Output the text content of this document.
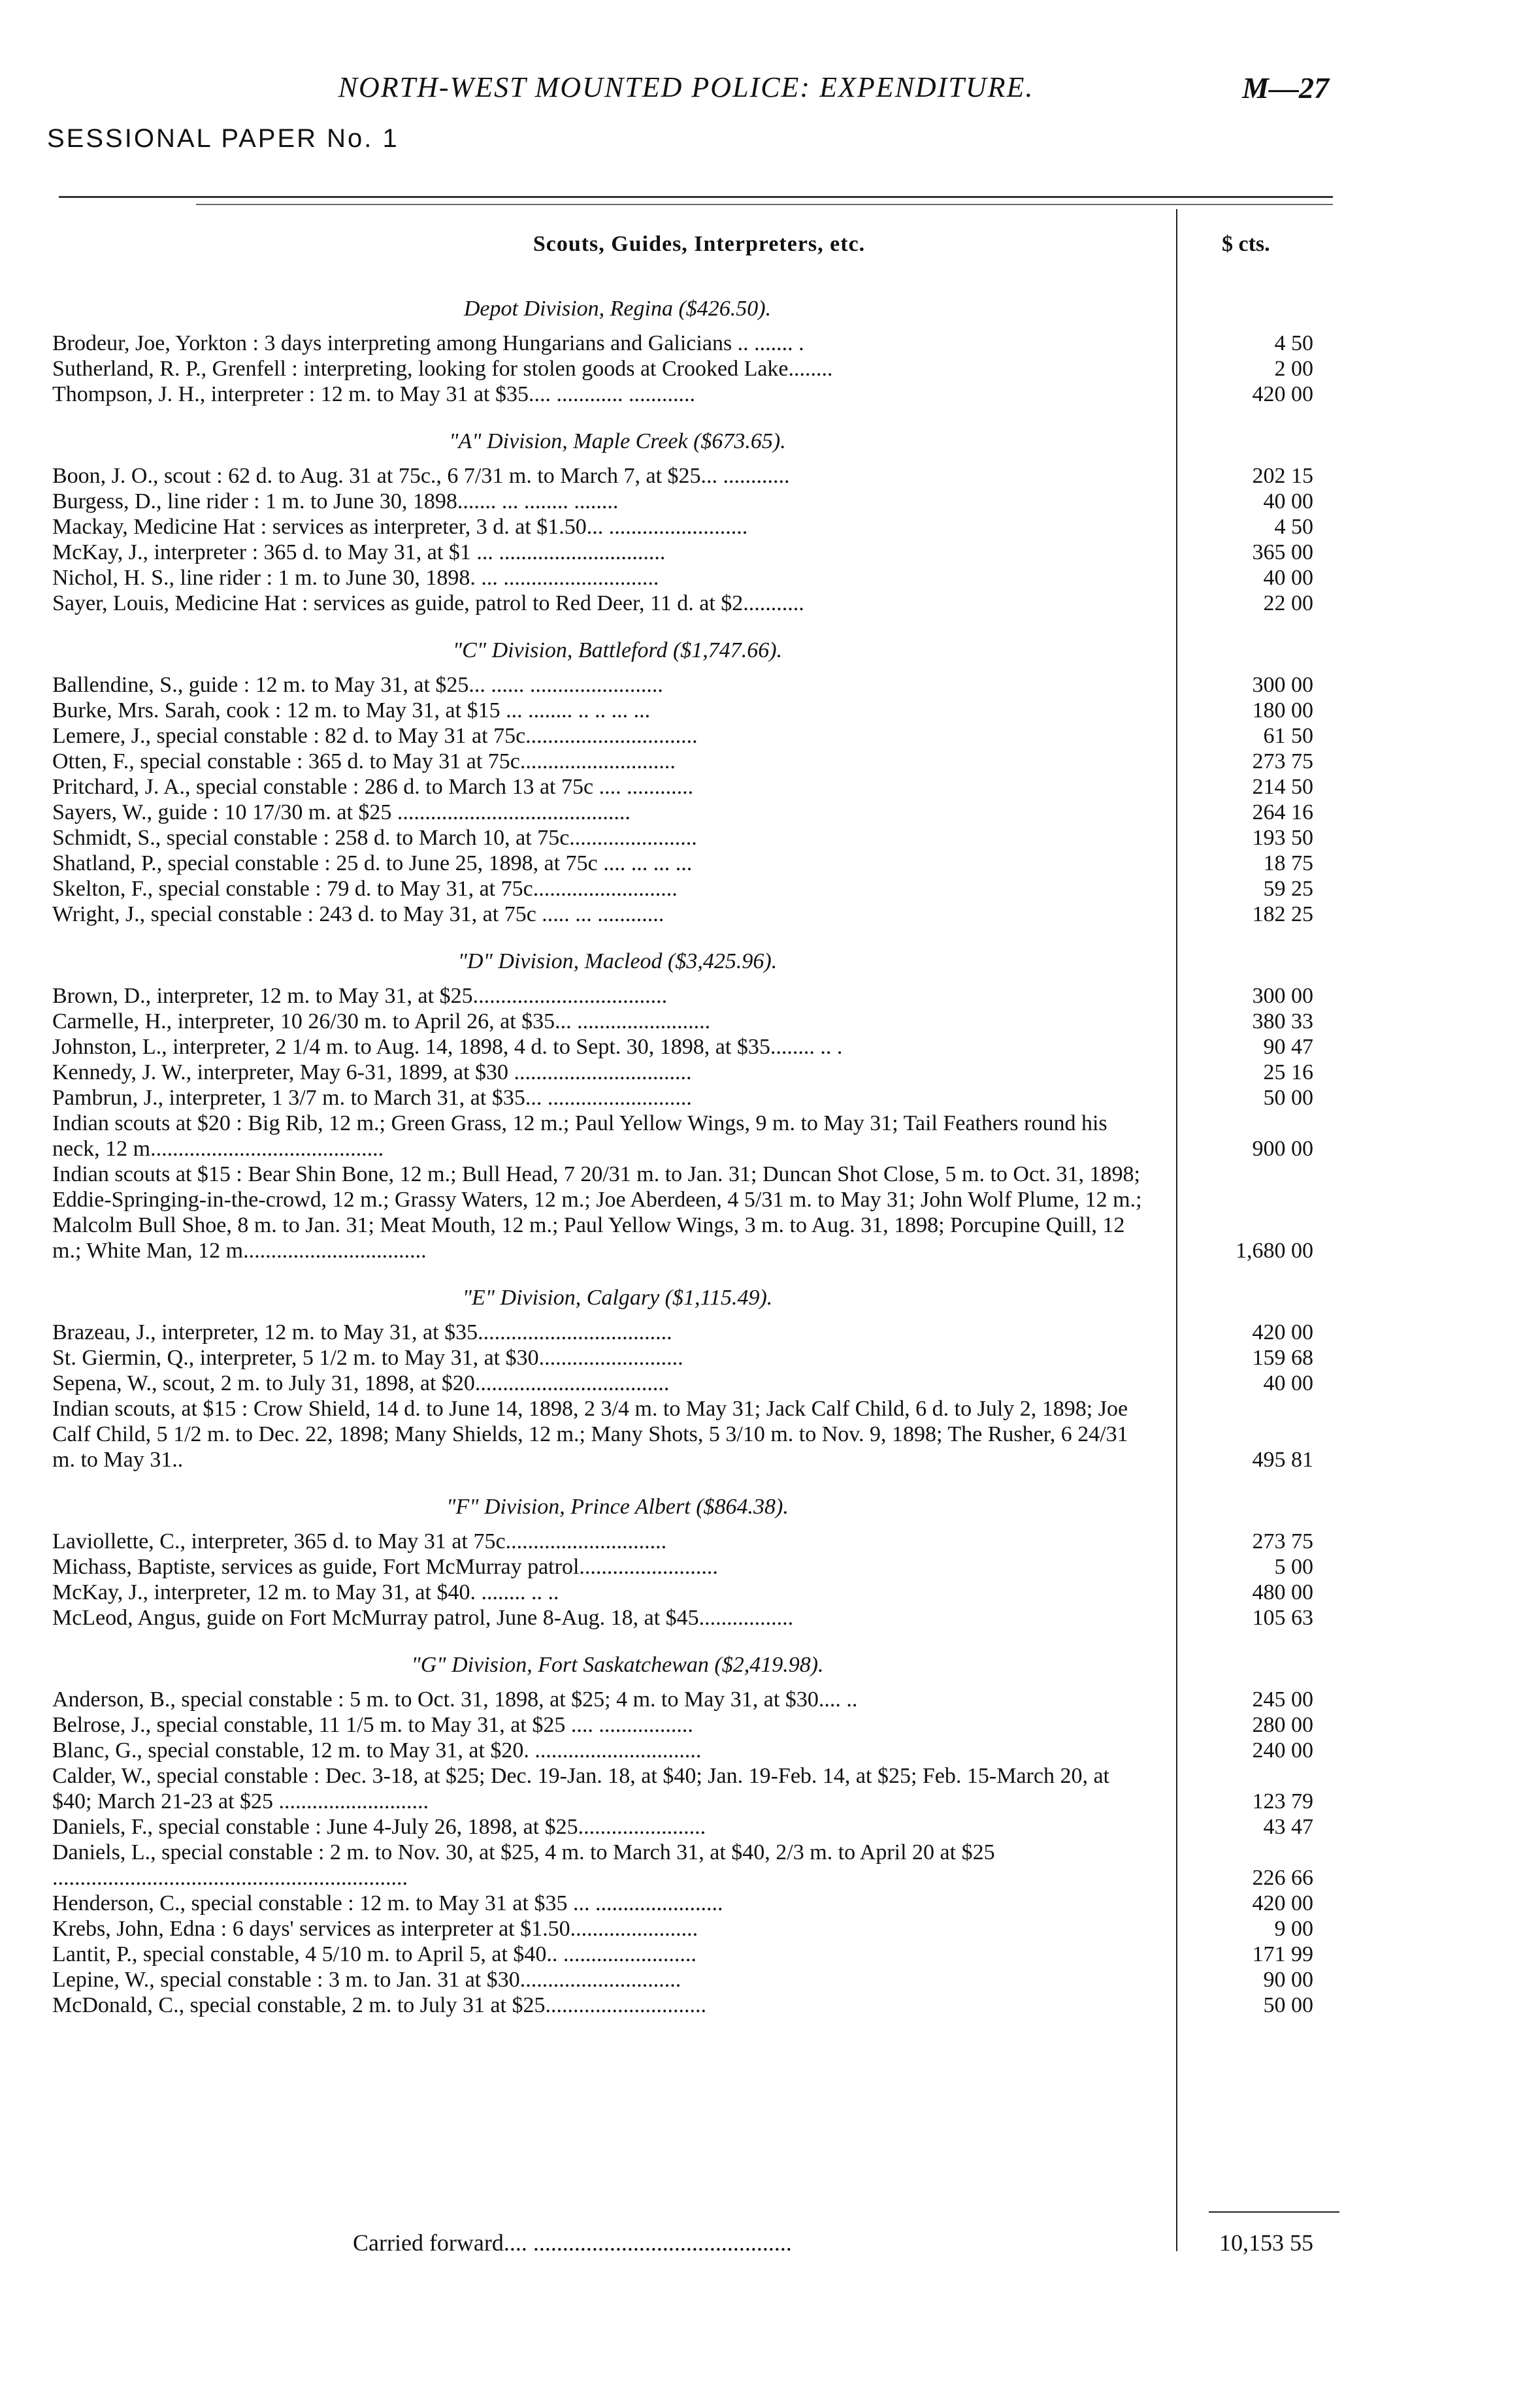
NORTH-WEST MOUNTED POLICE: EXPENDITURE.	M—27
SESSIONAL PAPER No. 1
Scouts, Guides, Interpreters, etc.	$ cts.
Depot Division, Regina ($426.50).
Brodeur, Joe, Yorkton : 3 days interpreting among Hungarians and Galicians .. ....... .	4 50
Sutherland, R. P., Grenfell : interpreting, looking for stolen goods at Crooked Lake........	2 00
Thompson, J. H., interpreter : 12 m. to May 31 at $35.... ............ ............	420 00
"A" Division, Maple Creek ($673.65).
Boon, J. O., scout : 62 d. to Aug. 31 at 75c., 6 7/31 m. to March 7, at $25... ............	202 15
Burgess, D., line rider : 1 m. to June 30, 1898....... ... ........ ........	40 00
Mackay, Medicine Hat : services as interpreter, 3 d. at $1.50... .........................	4 50
McKay, J., interpreter : 365 d. to May 31, at $1 ... ..............................	365 00
Nichol, H. S., line rider : 1 m. to June 30, 1898. ... ............................	40 00
Sayer, Louis, Medicine Hat : services as guide, patrol to Red Deer, 11 d. at $2...........	22 00
"C" Division, Battleford ($1,747.66).
Ballendine, S., guide : 12 m. to May 31, at $25... ...... ........................	300 00
Burke, Mrs. Sarah, cook : 12 m. to May 31, at $15 ... ........ .. .. ... ...	180 00
Lemere, J., special constable : 82 d. to May 31 at 75c...............................	61 50
Otten, F., special constable : 365 d. to May 31 at 75c............................	273 75
Pritchard, J. A., special constable : 286 d. to March 13 at 75c .... ............	214 50
Sayers, W., guide : 10 17/30 m. at $25 ..........................................	264 16
Schmidt, S., special constable : 258 d. to March 10, at 75c.......................	193 50
Shatland, P., special constable : 25 d. to June 25, 1898, at 75c .... ... ... ...	18 75
Skelton, F., special constable : 79 d. to May 31, at 75c..........................	59 25
Wright, J., special constable : 243 d. to May 31, at 75c ..... ... ............	182 25
"D" Division, Macleod ($3,425.96).
Brown, D., interpreter, 12 m. to May 31, at $25...................................	300 00
Carmelle, H., interpreter, 10 26/30 m. to April 26, at $35... ........................	380 33
Johnston, L., interpreter, 2 1/4 m. to Aug. 14, 1898, 4 d. to Sept. 30, 1898, at $35........ .. .	90 47
Kennedy, J. W., interpreter, May 6-31, 1899, at $30 ................................	25 16
Pambrun, J., interpreter, 1 3/7 m. to March 31, at $35... ..........................	50 00
Indian scouts at $20 : Big Rib, 12 m.; Green Grass, 12 m.; Paul Yellow Wings, 9 m. to May 31; Tail Feathers round his neck, 12 m..........................................	900 00
Indian scouts at $15 : Bear Shin Bone, 12 m.; Bull Head, 7 20/31 m. to Jan. 31; Duncan Shot Close, 5 m. to Oct. 31, 1898; Eddie-Springing-in-the-crowd, 12 m.; Grassy Waters, 12 m.; Joe Aberdeen, 4 5/31 m. to May 31; John Wolf Plume, 12 m.; Malcolm Bull Shoe, 8 m. to Jan. 31; Meat Mouth, 12 m.; Paul Yellow Wings, 3 m. to Aug. 31, 1898; Porcupine Quill, 12 m.; White Man, 12 m.................................	1,680 00
"E" Division, Calgary ($1,115.49).
Brazeau, J., interpreter, 12 m. to May 31, at $35...................................	420 00
St. Giermin, Q., interpreter, 5 1/2 m. to May 31, at $30..........................	159 68
Sepena, W., scout, 2 m. to July 31, 1898, at $20...................................	40 00
Indian scouts, at $15 : Crow Shield, 14 d. to June 14, 1898, 2 3/4 m. to May 31; Jack Calf Child, 6 d. to July 2, 1898; Joe Calf Child, 5 1/2 m. to Dec. 22, 1898; Many Shields, 12 m.; Many Shots, 5 3/10 m. to Nov. 9, 1898; The Rusher, 6 24/31 m. to May 31..	495 81
"F" Division, Prince Albert ($864.38).
Laviollette, C., interpreter, 365 d. to May 31 at 75c.............................	273 75
Michass, Baptiste, services as guide, Fort McMurray patrol.........................	5 00
McKay, J., interpreter, 12 m. to May 31, at $40. ........ .. ..	480 00
McLeod, Angus, guide on Fort McMurray patrol, June 8-Aug. 18, at $45.................	105 63
"G" Division, Fort Saskatchewan ($2,419.98).
Anderson, B., special constable : 5 m. to Oct. 31, 1898, at $25; 4 m. to May 31, at $30.... ..	245 00
Belrose, J., special constable, 11 1/5 m. to May 31, at $25 .... .................	280 00
Blanc, G., special constable, 12 m. to May 31, at $20. ..............................	240 00
Calder, W., special constable : Dec. 3-18, at $25; Dec. 19-Jan. 18, at $40; Jan. 19-Feb. 14, at $25; Feb. 15-March 20, at $40; March 21-23 at $25 ...........................	123 79
Daniels, F., special constable : June 4-July 26, 1898, at $25.......................	43 47
Daniels, L., special constable : 2 m. to Nov. 30, at $25, 4 m. to March 31, at $40, 2/3 m. to April 20 at $25 ................................................................	226 66
Henderson, C., special constable : 12 m. to May 31 at $35 ... .......................	420 00
Krebs, John, Edna : 6 days' services as interpreter at $1.50.......................	9 00
Lantit, P., special constable, 4 5/10 m. to April 5, at $40.. ........................	171 99
Lepine, W., special constable : 3 m. to Jan. 31 at $30.............................	90 00
McDonald, C., special constable, 2 m. to July 31 at $25.............................	50 00
Carried forward.... ............................................	10,153 55
